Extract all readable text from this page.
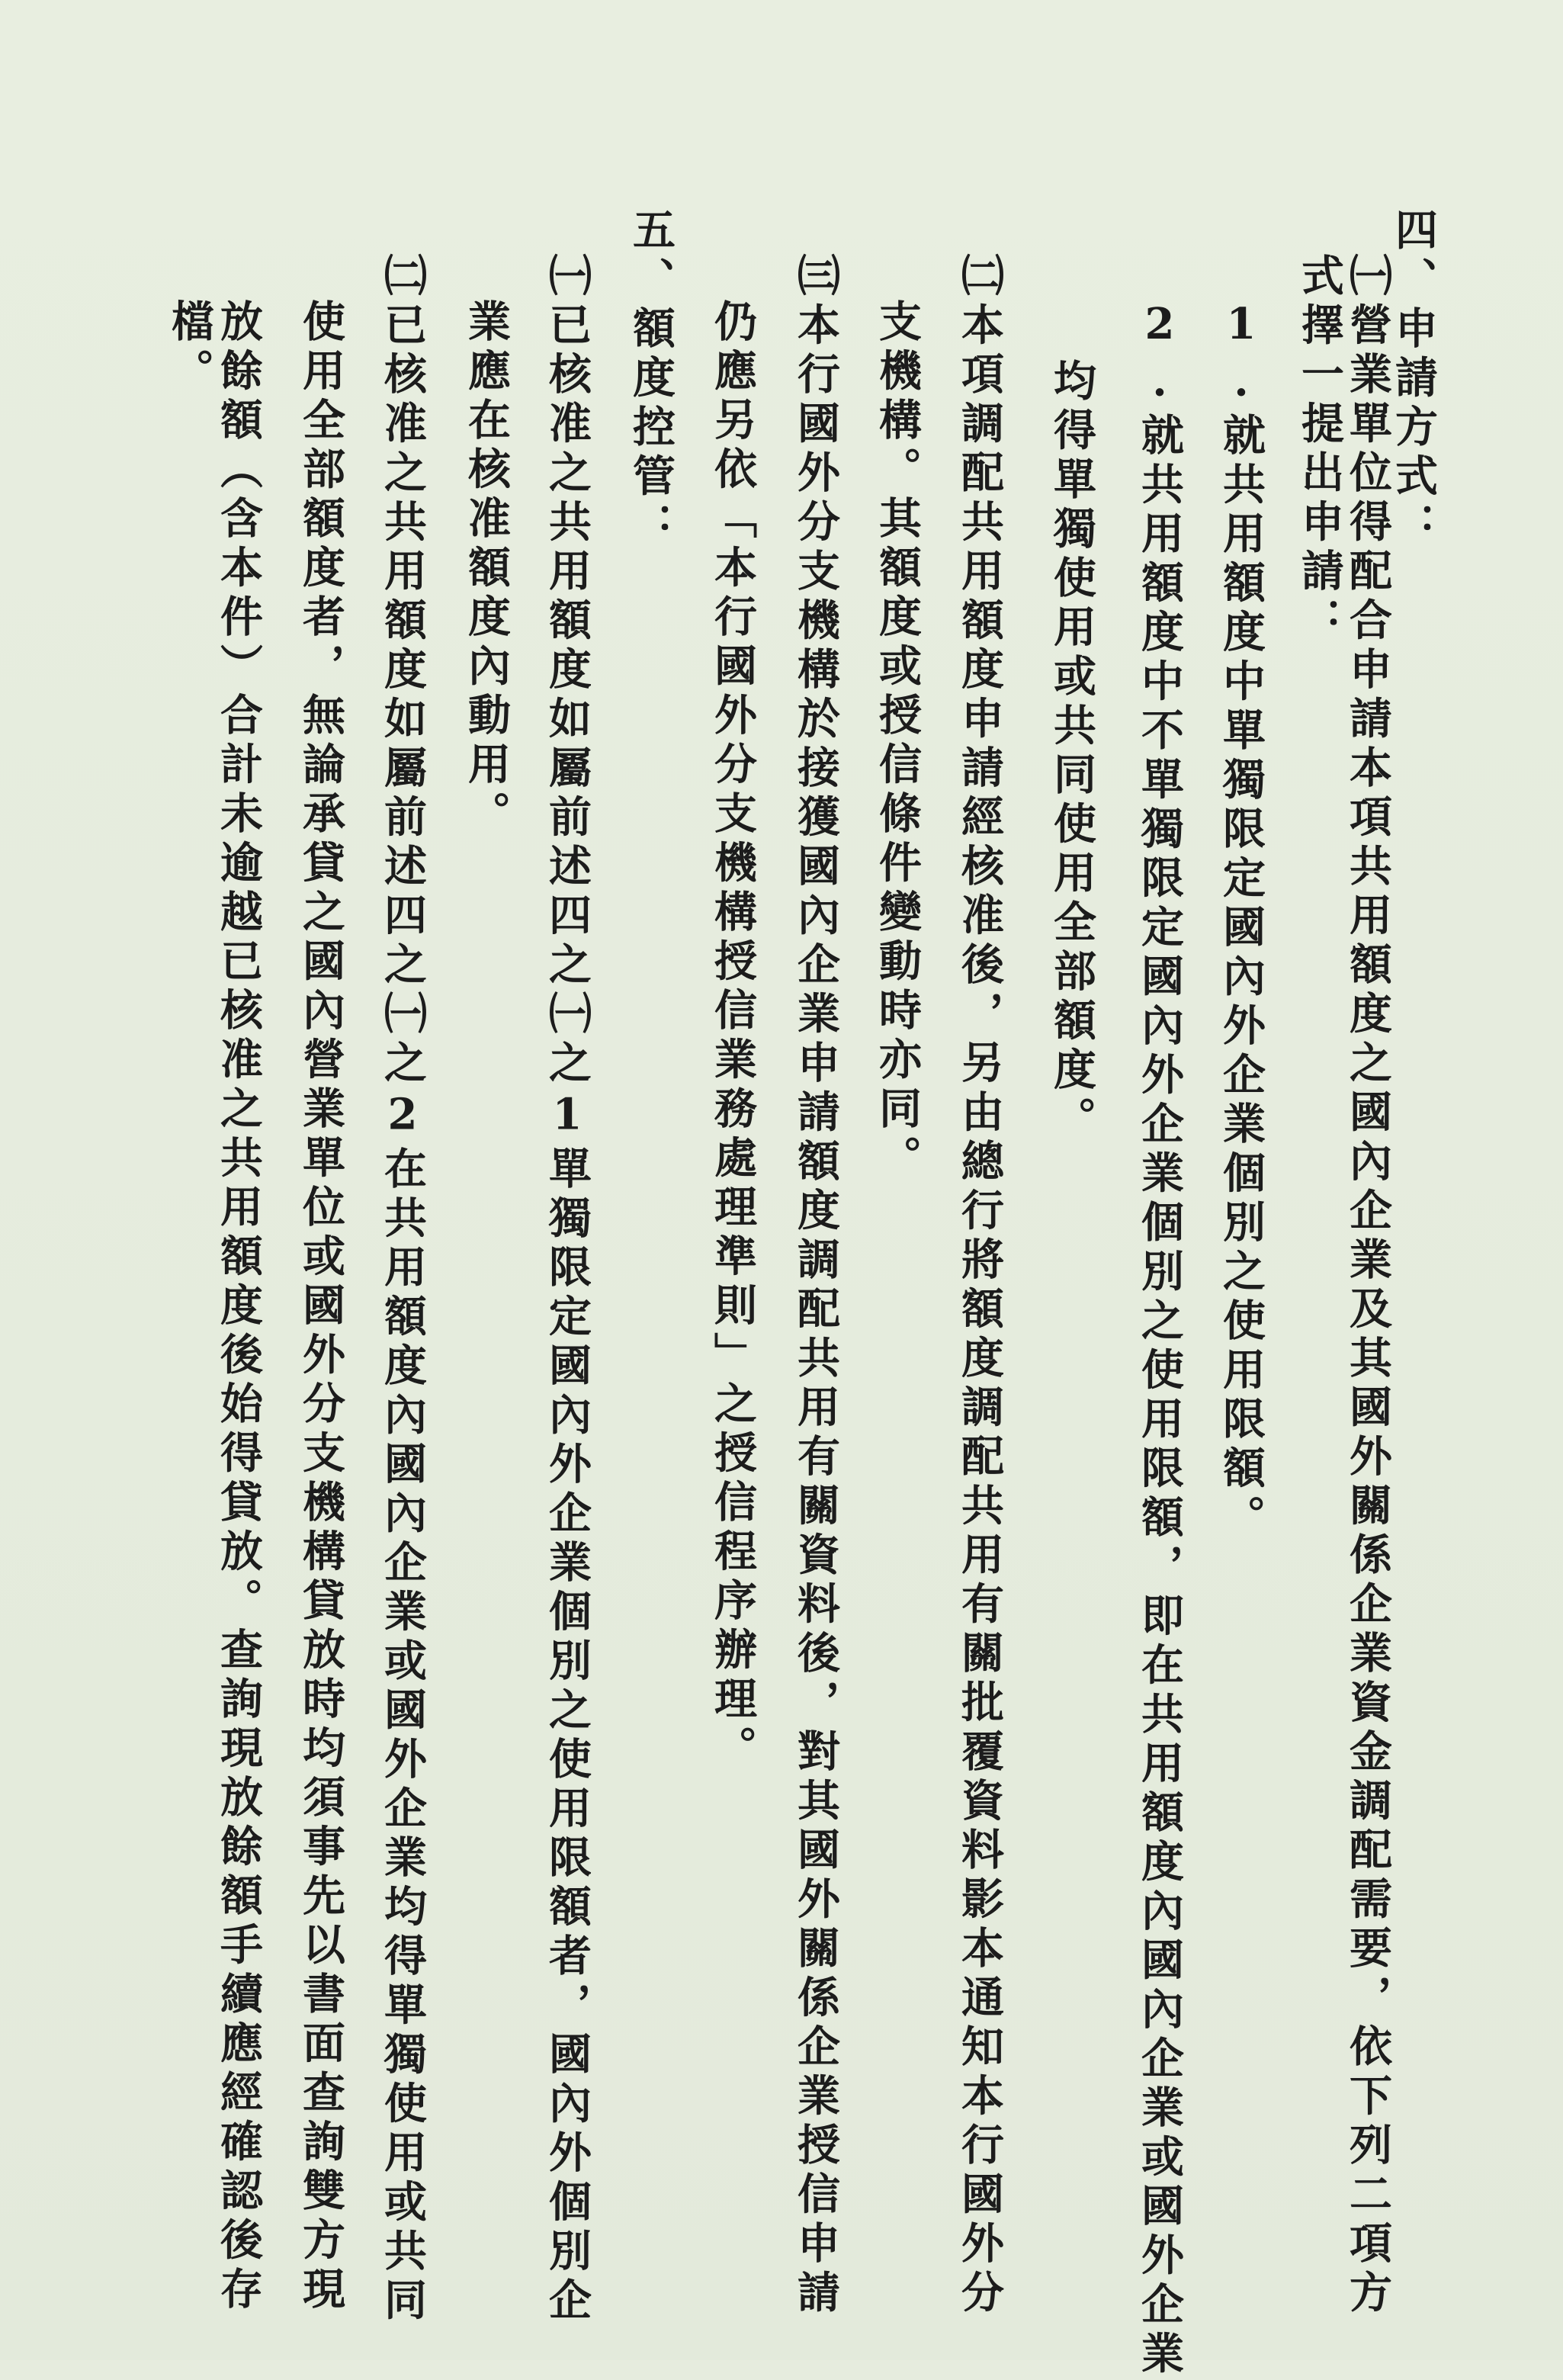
四、申請方式：
㈠營業單位得配合申請本項共用額度之國內企業及其國外關係企業資金調配需要，依下列二項方
式擇一提出申請：
1.就共用額度中單獨限定國內外企業個別之使用限額。
2.就共用額度中不單獨限定國內外企業個別之使用限額，即在共用額度內國內企業或國外企業
均得單獨使用或共同使用全部額度。
㈡本項調配共用額度申請經核准後，另由總行將額度調配共用有關批覆資料影本通知本行國外分
支機構。其額度或授信條件變動時亦同。
㈢本行國外分支機構於接獲國內企業申請額度調配共用有關資料後，對其國外關係企業授信申請
仍應另依「本行國外分支機構授信業務處理準則」之授信程序辦理。
五、額度控管：
㈠已核准之共用額度如屬前述四之㈠之1單獨限定國內外企業個別之使用限額者，國內外個別企
業應在核准額度內動用。
㈡已核准之共用額度如屬前述四之㈠之2在共用額度內國內企業或國外企業均得單獨使用或共同
使用全部額度者，無論承貸之國內營業單位或國外分支機構貸放時均須事先以書面查詢雙方現
放餘額（含本件）合計未逾越已核准之共用額度後始得貸放。查詢現放餘額手續應經確認後存
檔。
